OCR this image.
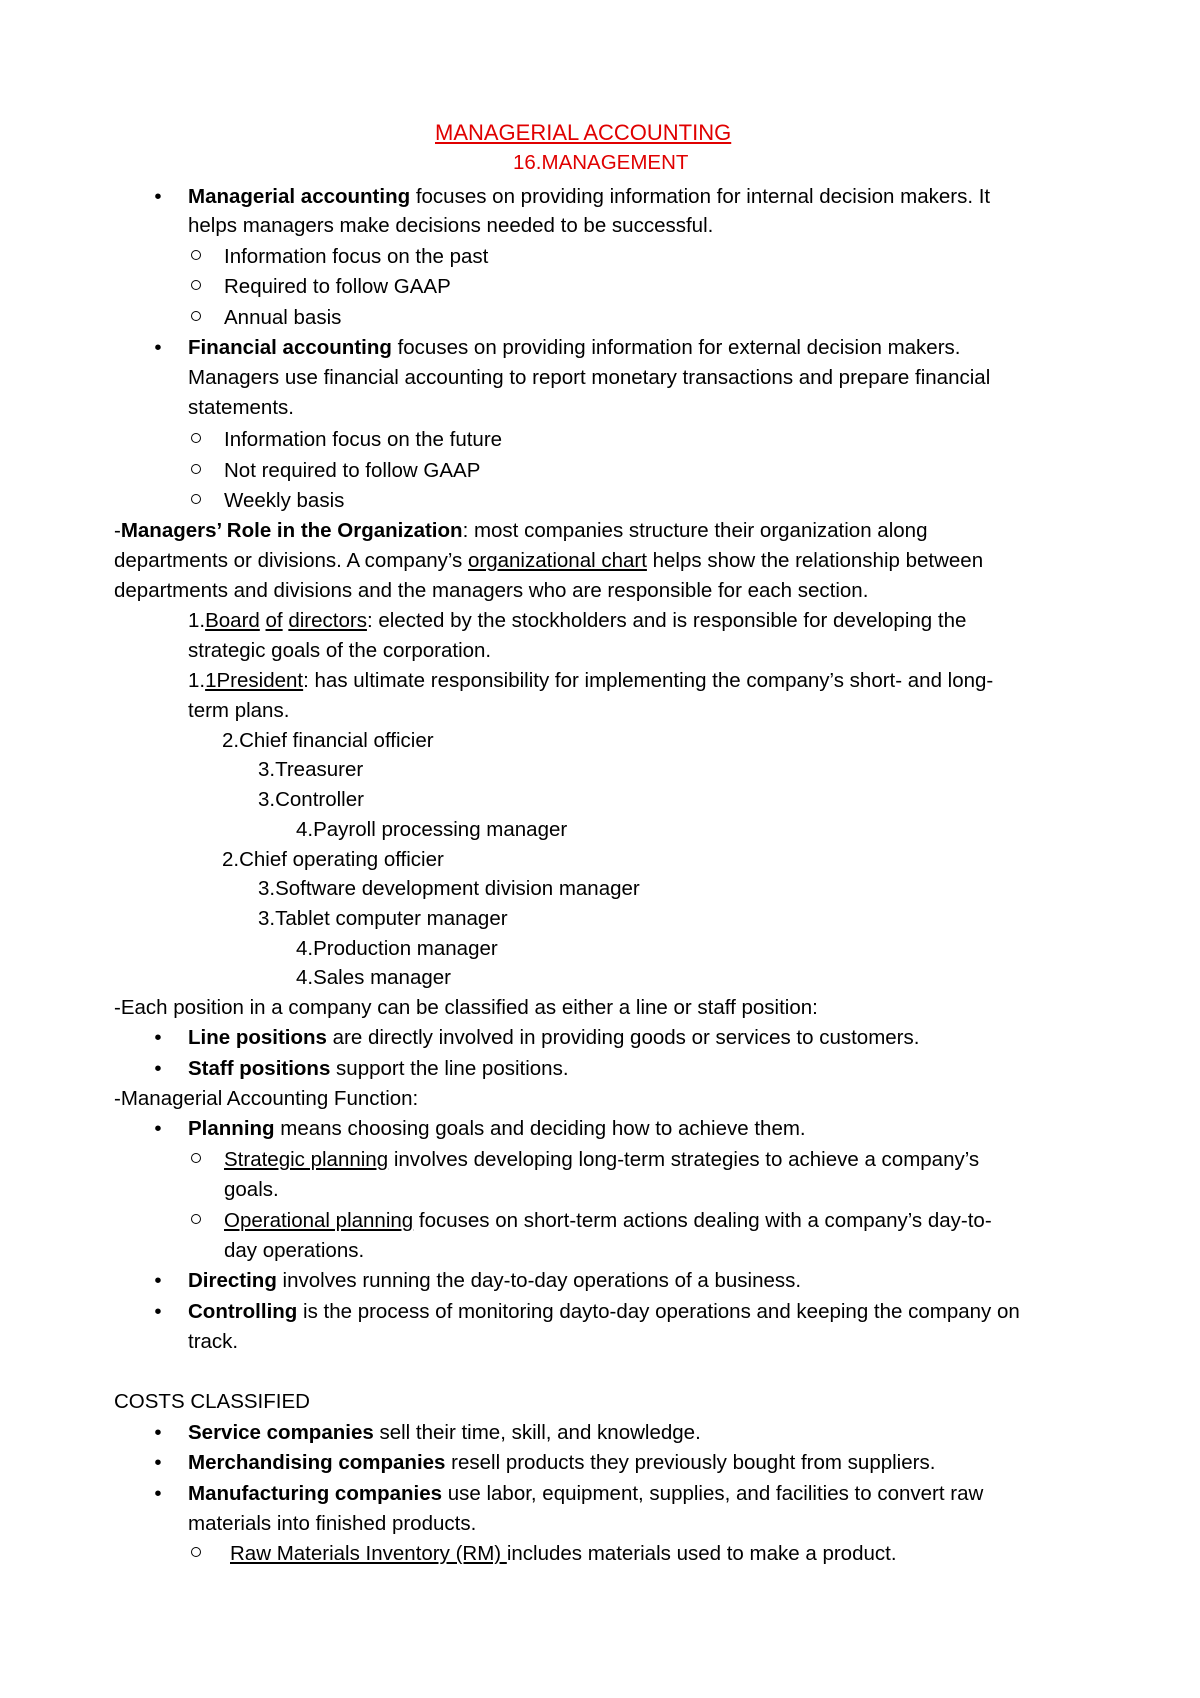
MANAGERIAL ACCOUNTING
16.MANAGEMENT
• Managerial accounting focuses on providing information for internal decision makers. It
helps managers make decisions needed to be successful.
Information focus on the past
Required to follow GAAP
Annual basis
• Financial accounting focuses on providing information for external decision makers.
Managers use financial accounting to report monetary transactions and prepare financial
statements.
Information focus on the future
Not required to follow GAAP
Weekly basis
-Managers’ Role in the Organization: most companies structure their organization along
departments or divisions. A company’s organizational chart helps show the relationship between
departments and divisions and the managers who are responsible for each section.
1.Board of directors: elected by the stockholders and is responsible for developing the
strategic goals of the corporation.
1.1President: has ultimate responsibility for implementing the company’s short- and long-
term plans.
2.Chief financial officier
3.Treasurer
3.Controller
4.Payroll processing manager
2.Chief operating officier
3.Software development division manager
3.Tablet computer manager
4.Production manager
4.Sales manager
-Each position in a company can be classified as either a line or staff position:
• Line positions are directly involved in providing goods or services to customers.
• Staff positions support the line positions.
-Managerial Accounting Function:
• Planning means choosing goals and deciding how to achieve them.
Strategic planning involves developing long-term strategies to achieve a company’s
goals.
Operational planning focuses on short-term actions dealing with a company’s day-to-
day operations.
• Directing involves running the day-to-day operations of a business.
• Controlling is the process of monitoring dayto-day operations and keeping the company on
track.
COSTS CLASSIFIED
• Service companies sell their time, skill, and knowledge.
• Merchandising companies resell products they previously bought from suppliers.
• Manufacturing companies use labor, equipment, supplies, and facilities to convert raw
materials into finished products.
Raw Materials Inventory (RM) includes materials used to make a product.
